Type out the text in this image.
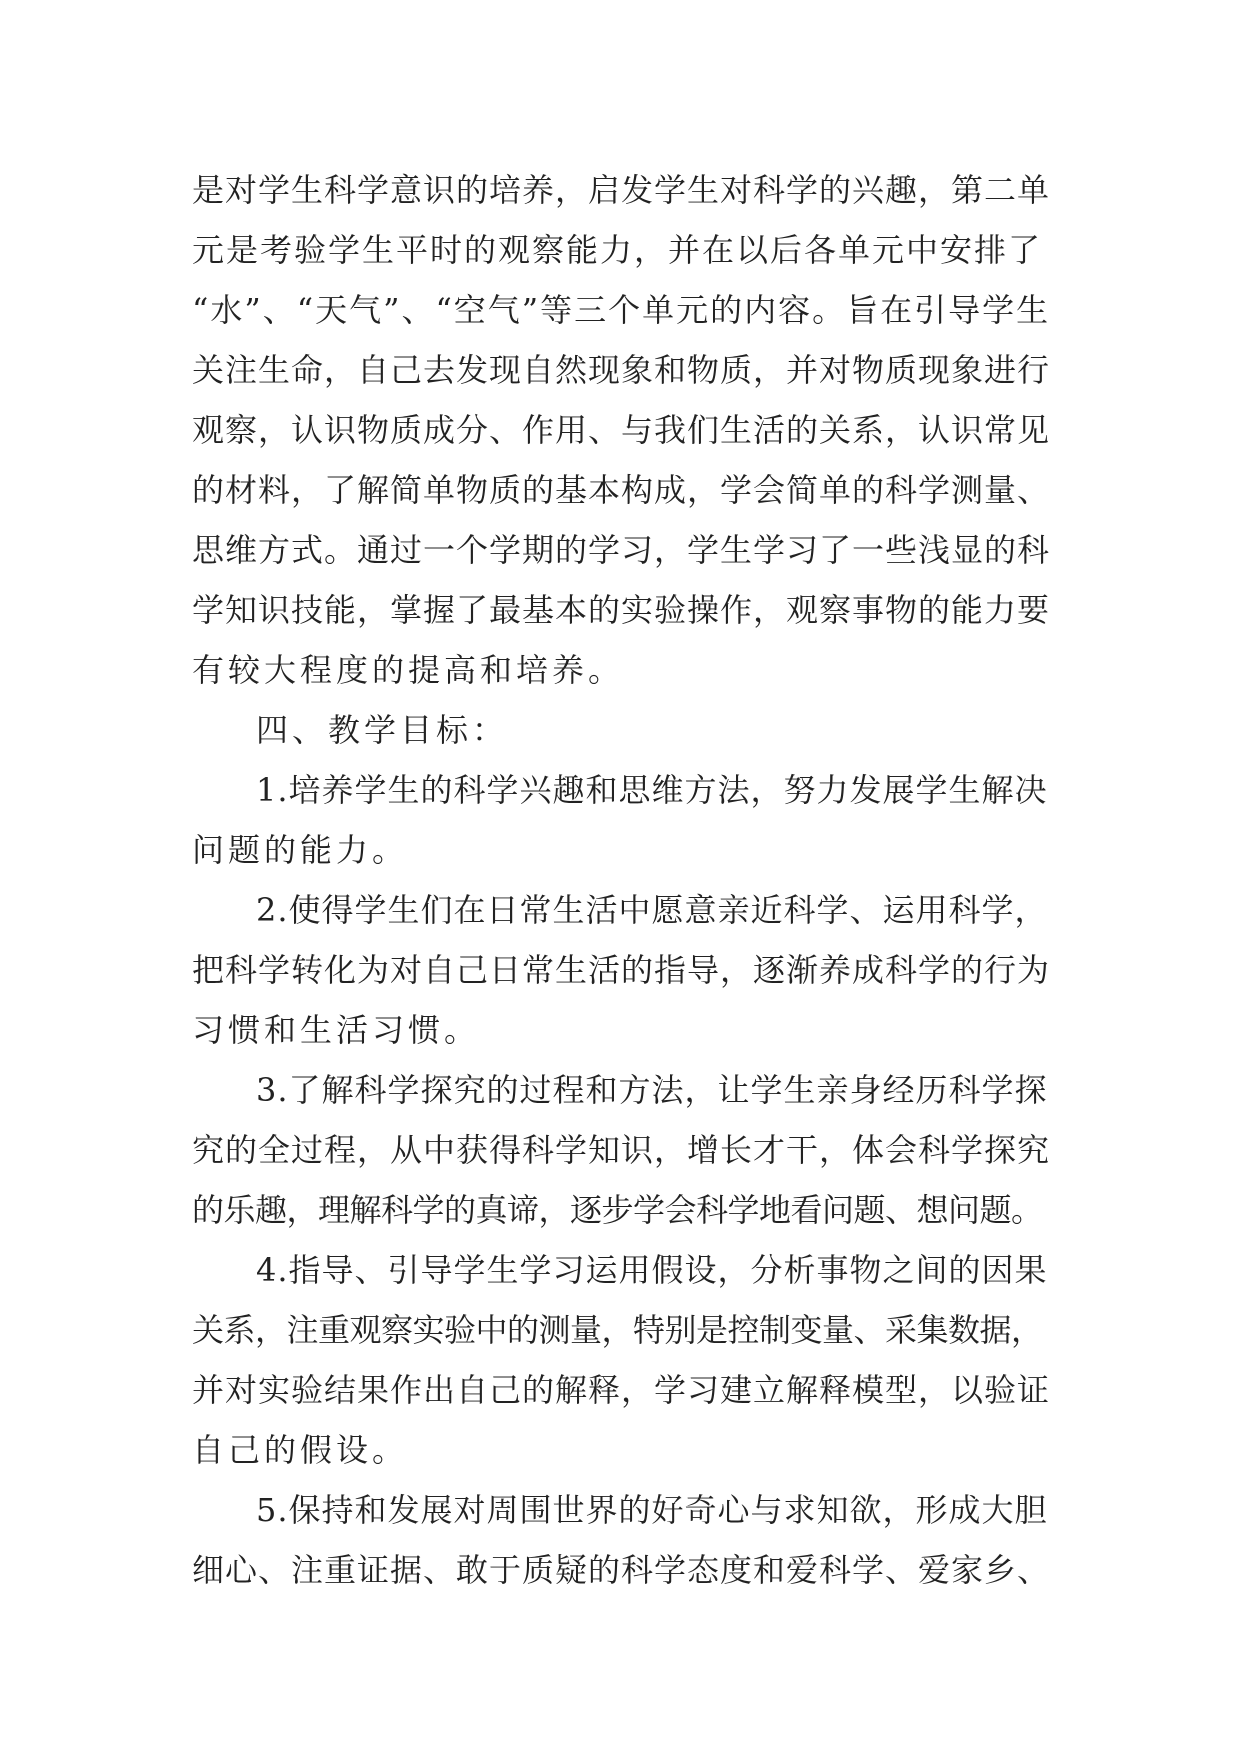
是对学生科学意识的培养，启发学生对科学的兴趣，第二单
元是考验学生平时的观察能力，并在以后各单元中安排了
“水”、“天气”、“空气”等三个单元的内容。旨在引导学生
关注生命，自己去发现自然现象和物质，并对物质现象进行
观察，认识物质成分、作用、与我们生活的关系，认识常见
的材料，了解简单物质的基本构成，学会简单的科学测量、
思维方式。通过一个学期的学习，学生学习了一些浅显的科
学知识技能，掌握了最基本的实验操作，观察事物的能力要
有较大程度的提高和培养。
四、教学目标：
1.培养学生的科学兴趣和思维方法，努力发展学生解决
问题的能力。
2.使得学生们在日常生活中愿意亲近科学、运用科学，
把科学转化为对自己日常生活的指导，逐渐养成科学的行为
习惯和生活习惯。
3.了解科学探究的过程和方法，让学生亲身经历科学探
究的全过程，从中获得科学知识，增长才干，体会科学探究
的乐趣，理解科学的真谛，逐步学会科学地看问题、想问题。
4.指导、引导学生学习运用假设，分析事物之间的因果
关系，注重观察实验中的测量，特别是控制变量、采集数据，
并对实验结果作出自己的解释，学习建立解释模型，以验证
自己的假设。
5.保持和发展对周围世界的好奇心与求知欲，形成大胆
细心、注重证据、敢于质疑的科学态度和爱科学、爱家乡、
